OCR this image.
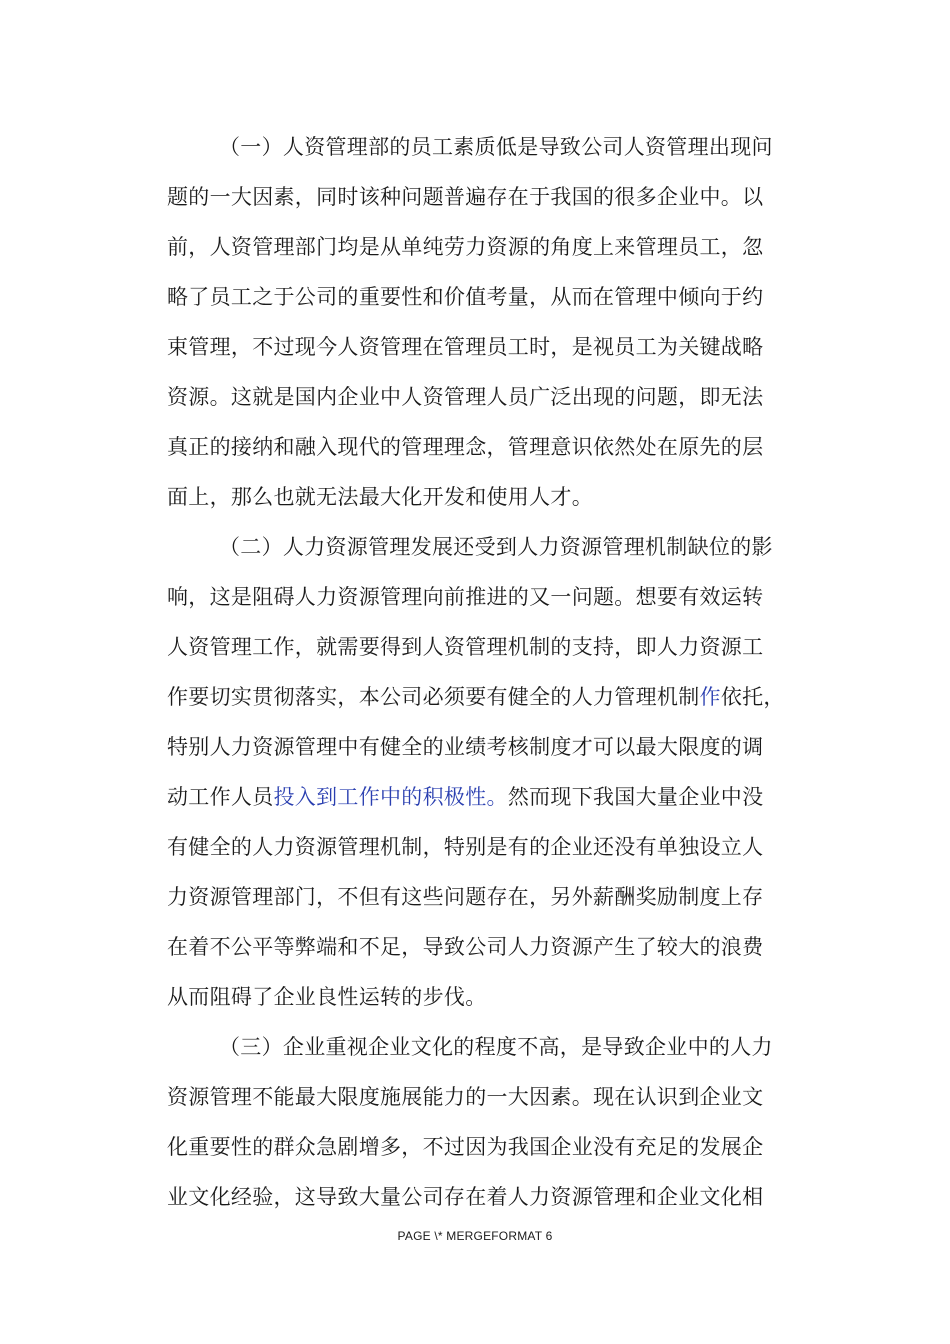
（一）人资管理部的员工素质低是导致公司人资管理出现问
题的一大因素，同时该种问题普遍存在于我国的很多企业中。以
前，人资管理部门均是从单纯劳力资源的角度上来管理员工，忽
略了员工之于公司的重要性和价值考量，从而在管理中倾向于约
束管理，不过现今人资管理在管理员工时，是视员工为关键战略
资源。这就是国内企业中人资管理人员广泛出现的问题，即无法
真正的接纳和融入现代的管理理念，管理意识依然处在原先的层
面上，那么也就无法最大化开发和使用人才。
（二）人力资源管理发展还受到人力资源管理机制缺位的影
响，这是阻碍人力资源管理向前推进的又一问题。想要有效运转
人资管理工作，就需要得到人资管理机制的支持，即人力资源工
作要切实贯彻落实，本公司必须要有健全的人力管理机制作依托，
特别人力资源管理中有健全的业绩考核制度才可以最大限度的调
动工作人员投入到工作中的积极性。然而现下我国大量企业中没
有健全的人力资源管理机制，特别是有的企业还没有单独设立人
力资源管理部门，不但有这些问题存在，另外薪酬奖励制度上存
在着不公平等弊端和不足，导致公司人力资源产生了较大的浪费
从而阻碍了企业良性运转的步伐。
（三）企业重视企业文化的程度不高，是导致企业中的人力
资源管理不能最大限度施展能力的一大因素。现在认识到企业文
化重要性的群众急剧增多，不过因为我国企业没有充足的发展企
业文化经验，这导致大量公司存在着人力资源管理和企业文化相
PAGE \* MERGEFORMAT 6
